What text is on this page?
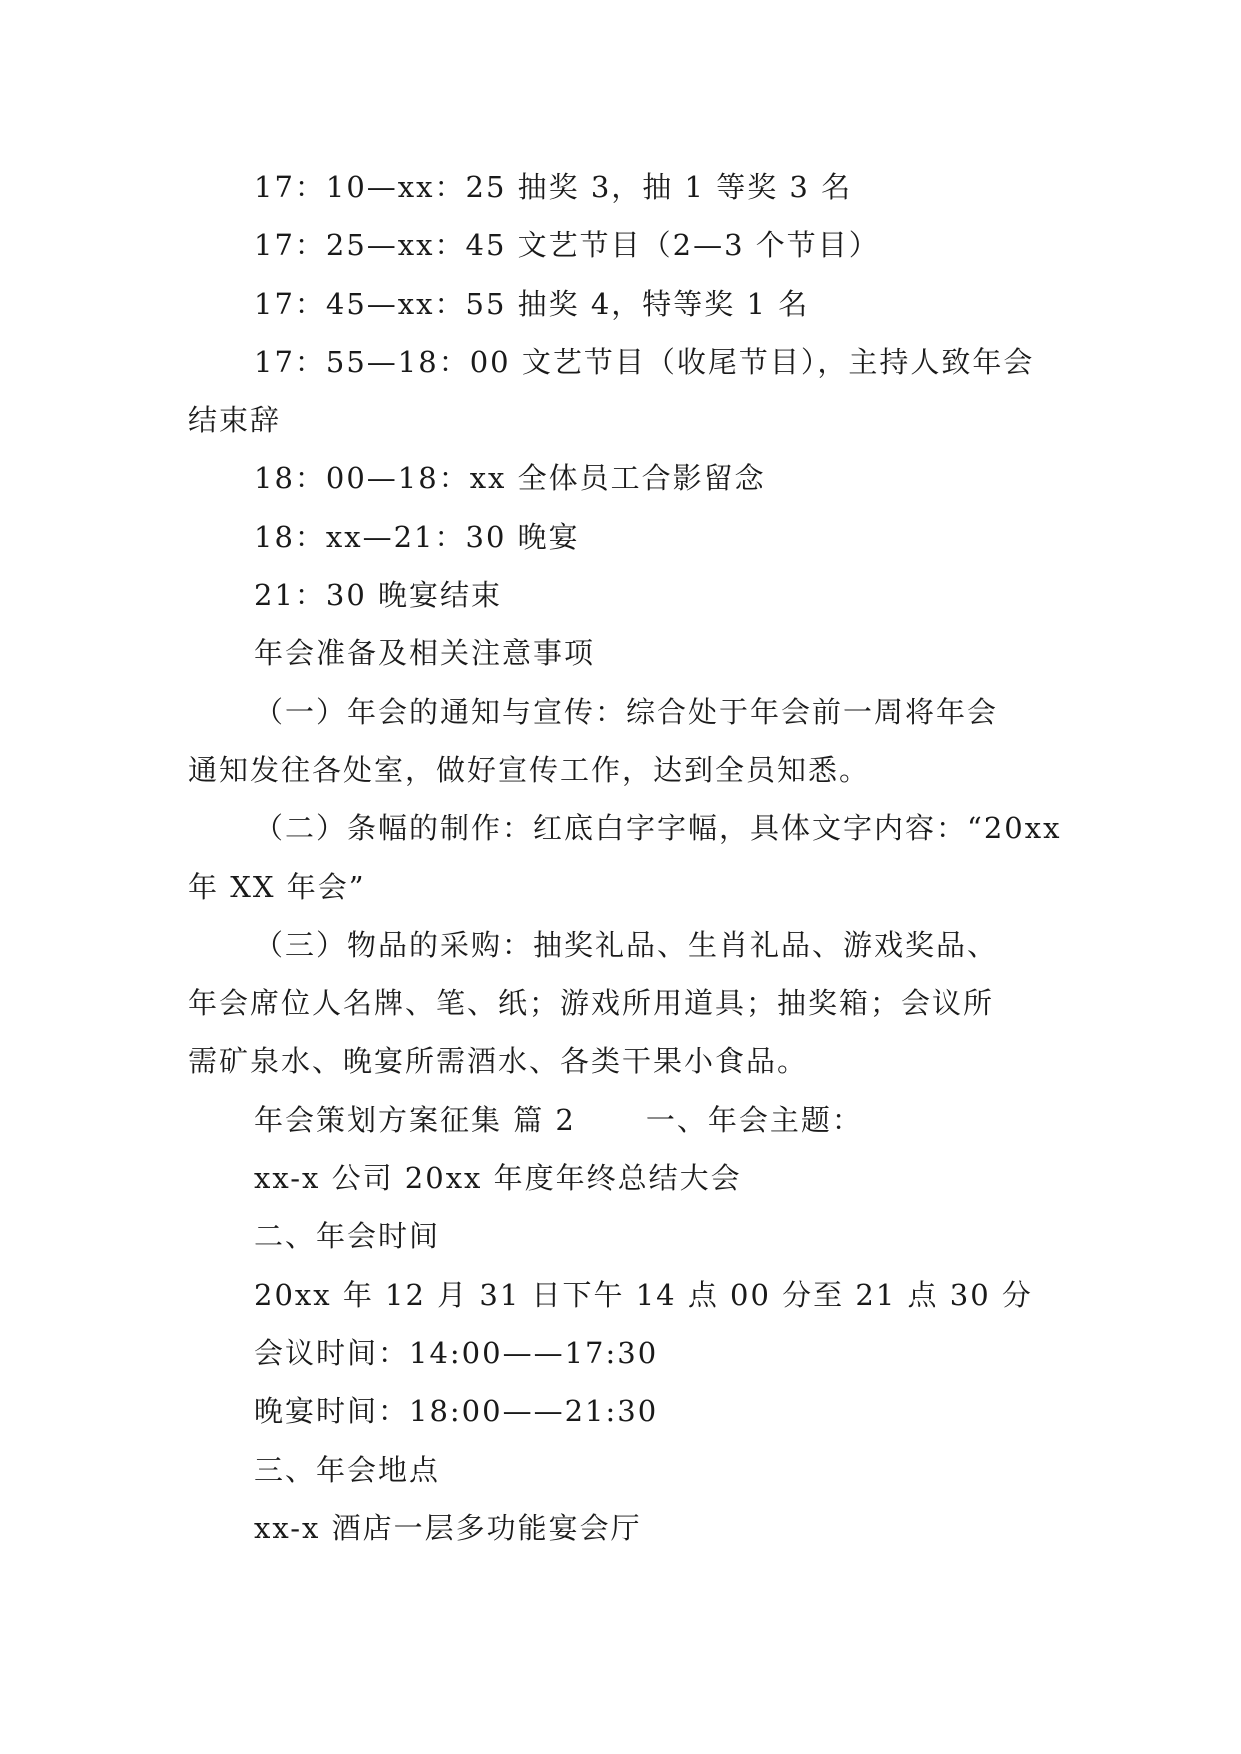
17：10—xx：25 抽奖 3，抽 1 等奖 3 名
17：25—xx：45 文艺节目（2—3 个节目）
17：45—xx：55 抽奖 4，特等奖 1 名
17：55—18：00 文艺节目（收尾节目），主持人致年会
结束辞
18：00—18：xx 全体员工合影留念
18：xx—21：30 晚宴
21：30 晚宴结束
年会准备及相关注意事项
（一）年会的通知与宣传：综合处于年会前一周将年会
通知发往各处室，做好宣传工作，达到全员知悉。
（二）条幅的制作：红底白字字幅，具体文字内容：“20xx
年 XX 年会”
（三）物品的采购：抽奖礼品、生肖礼品、游戏奖品、
年会席位人名牌、笔、纸；游戏所用道具；抽奖箱；会议所
需矿泉水、晚宴所需酒水、各类干果小食品。
年会策划方案征集 篇 2 一、年会主题：
xx-x 公司 20xx 年度年终总结大会
二、年会时间
20xx 年 12 月 31 日下午 14 点 00 分至 21 点 30 分
会议时间：14:00——17:30
晚宴时间：18:00——21:30
三、年会地点
xx-x 酒店一层多功能宴会厅
